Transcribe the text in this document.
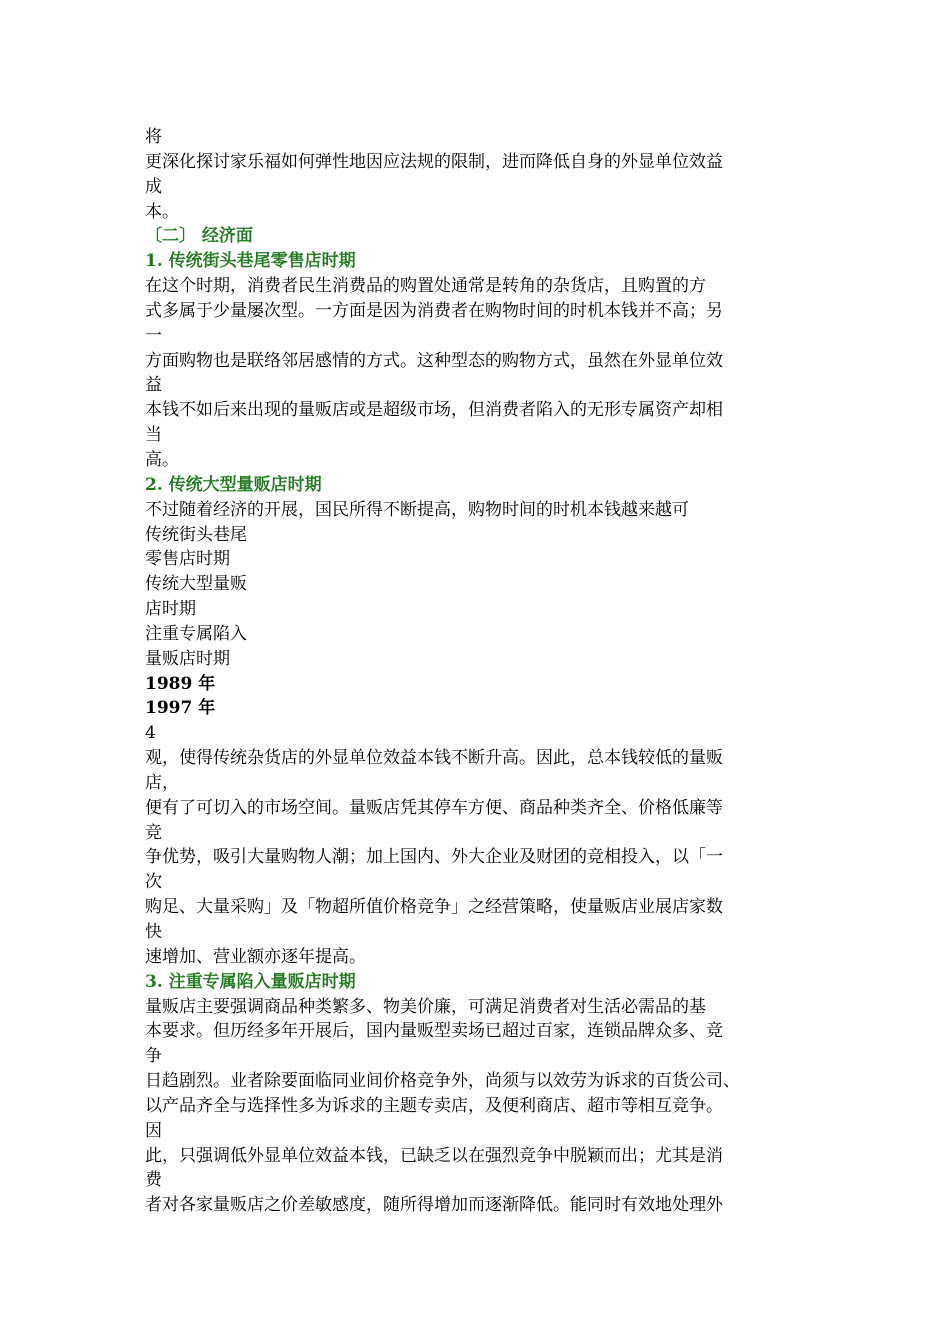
将
更深化探讨家乐福如何弹性地因应法规的限制，进而降低自身的外显单位效益
成
本。
〔二〕 经济面
1. 传统街头巷尾零售店时期
在这个时期，消费者民生消费品的购置处通常是转角的杂货店，且购置的方
式多属于少量屡次型。一方面是因为消费者在购物时间的时机本钱并不高；另
一
方面购物也是联络邻居感情的方式。这种型态的购物方式，虽然在外显单位效
益
本钱不如后来出现的量贩店或是超级市场，但消费者陷入的无形专属资产却相
当
高。
2. 传统大型量贩店时期
不过随着经济的开展，国民所得不断提高，购物时间的时机本钱越来越可
传统街头巷尾
零售店时期
传统大型量贩
店时期
注重专属陷入
量贩店时期
1989 年
1997 年
4
观，使得传统杂货店的外显单位效益本钱不断升高。因此，总本钱较低的量贩
店，
便有了可切入的市场空间。量贩店凭其停车方便、商品种类齐全、价格低廉等
竞
争优势，吸引大量购物人潮；加上国内、外大企业及财团的竞相投入，以「一
次
购足、大量采购」及「物超所值价格竞争」之经营策略，使量贩店业展店家数
快
速增加、营业额亦逐年提高。
3. 注重专属陷入量贩店时期
量贩店主要强调商品种类繁多、物美价廉，可满足消费者对生活必需品的基
本要求。但历经多年开展后，国内量贩型卖场已超过百家，连锁品牌众多、竞
争
日趋剧烈。业者除要面临同业间价格竞争外，尚须与以效劳为诉求的百货公司、
以产品齐全与选择性多为诉求的主题专卖店，及便利商店、超市等相互竞争。
因
此，只强调低外显单位效益本钱，已缺乏以在强烈竞争中脱颖而出；尤其是消
费
者对各家量贩店之价差敏感度，随所得增加而逐渐降低。能同时有效地处理外
